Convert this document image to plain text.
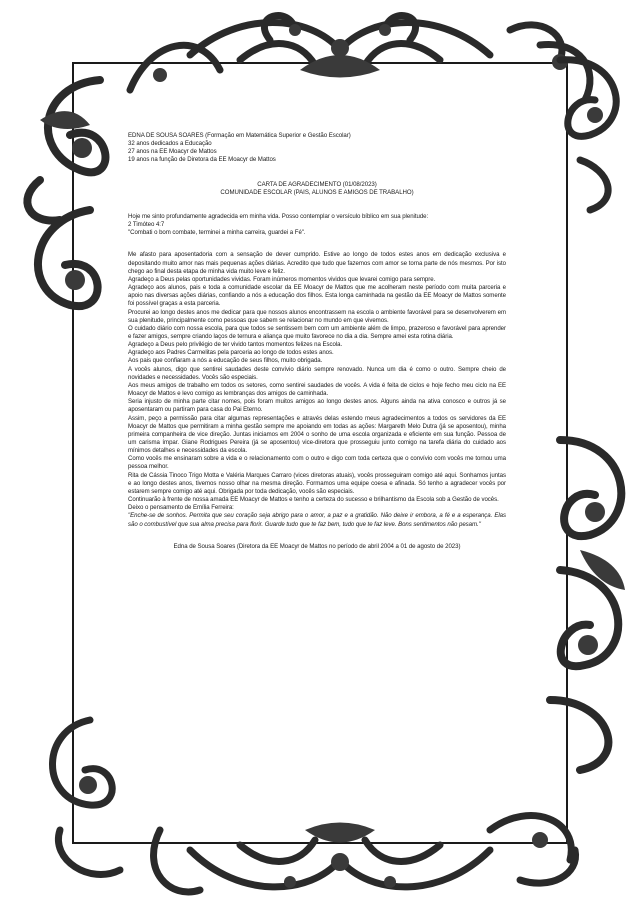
EDNA DE SOUSA SOARES (Formação em Matemática Superior e Gestão Escolar)

32 anos dedicados a Educação

27 anos na EE Moacyr de Mattos

19 anos na função de Diretora da EE Moacyr de Mattos

CARTA DE AGRADECIMENTO (01/08/2023)

COMUNIDADE ESCOLAR (PAIS, ALUNOS E AMIGOS DE TRABALHO)

Hoje me sinto profundamente agradecida em minha vida. Posso contemplar o versículo bíblico em sua plenitude:

2 Timóteo 4:7

"Combati o bom combate, terminei a minha carreira, guardei a Fé".

Me afasto para aposentadoria com a sensação de dever cumprido. Estive ao longo de todos estes anos em dedicação exclusiva e depositando muito amor nas mais pequenas ações diárias. Acredito que tudo que fazemos com amor se torna parte de nós mesmos. Por isto chego ao final desta etapa de minha vida muito leve e feliz.

Agradeço a Deus pelas oportunidades vividas. Foram inúmeros momentos vividos que levarei comigo para sempre.

Agradeço aos alunos, pais e toda a comunidade escolar da EE Moacyr de Mattos que me acolheram neste período com muita parceria e apoio nas diversas ações diárias, confiando a nós a educação dos filhos. Esta longa caminhada na gestão da EE Moacyr de Mattos somente foi possível graças a esta parceria.

Procurei ao longo destes anos me dedicar para que nossos alunos encontrassem na escola o ambiente favorável para se desenvolverem em sua plenitude, principalmente como pessoas que sabem se relacionar no mundo em que vivemos.

O cuidado diário com nossa escola, para que todos se sentissem bem com um ambiente além de limpo, prazeroso e favorável para aprender e fazer amigos, sempre criando laços de ternura e aliança que muito favorece no dia a dia. Sempre amei esta rotina diária.

Agradeço a Deus pelo privilégio de ter vivido tantos momentos felizes na Escola.

Agradeço aos Padres Carmelitas pela parceria ao longo de todos estes anos.

Aos pais que confiaram a nós a educação de seus filhos, muito obrigada.

A vocês alunos, digo que sentirei saudades deste convívio diário sempre renovado. Nunca um dia é como o outro. Sempre cheio de novidades e necessidades. Vocês são especiais.

Aos meus amigos de trabalho em todos os setores, como sentirei saudades de vocês. A vida é feita de ciclos e hoje fecho meu ciclo na EE Moacyr de Mattos e levo comigo as lembranças dos amigos de caminhada.

Seria injusto de minha parte citar nomes, pois foram muitos amigos ao longo destes anos. Alguns ainda na ativa conosco e outros já se aposentaram ou partiram para casa do Pai Eterno.

Assim, peço a permissão para citar algumas representações e através delas estendo meus agradecimentos a todos os servidores da EE Moacyr de Mattos que permitiram a minha gestão sempre me apoiando em todas as ações: Margareth Melo Dutra (já se aposentou), minha primeira companheira de vice direção. Juntas iniciamos em 2004 o sonho de uma escola organizada e eficiente em sua função. Pessoa de um carisma ímpar. Giane Rodrigues Pereira (já se aposentou) vice-diretora que prosseguiu junto comigo na tarefa diária do cuidado aos mínimos detalhes e necessidades da escola.

Como vocês me ensinaram sobre a vida e o relacionamento com o outro e digo com toda certeza que o convívio com vocês me tornou uma pessoa melhor.

Rita de Cássia Tinoco Trigo Motta e Valéria Marques Carraro (vices diretoras atuais), vocês prosseguiram comigo até aqui. Sonhamos juntas e ao longo destes anos, tivemos nosso olhar na mesma direção. Formamos uma equipe coesa e afinada. Só tenho a agradecer vocês por estarem sempre comigo até aqui. Obrigada por toda dedicação, vocês são especiais.

Continuarão à frente de nossa amada EE Moacyr de Mattos e tenho a certeza do sucesso e brilhantismo da Escola sob a Gestão de vocês.

Deixo o pensamento de Emília Ferreira:

"Enche-se de sonhos. Permita que seu coração seja abrigo para o amor, a paz e a gratidão. Não deixe ir embora, a fé e a esperança. Elas são o combustível que sua alma precisa para florir. Guarde tudo que te faz bem, tudo que te faz leve. Bons sentimentos não pesam."

Edna de Sousa Soares (Diretora da EE Moacyr de Mattos no período de abril 2004 a 01 de agosto de 2023)
